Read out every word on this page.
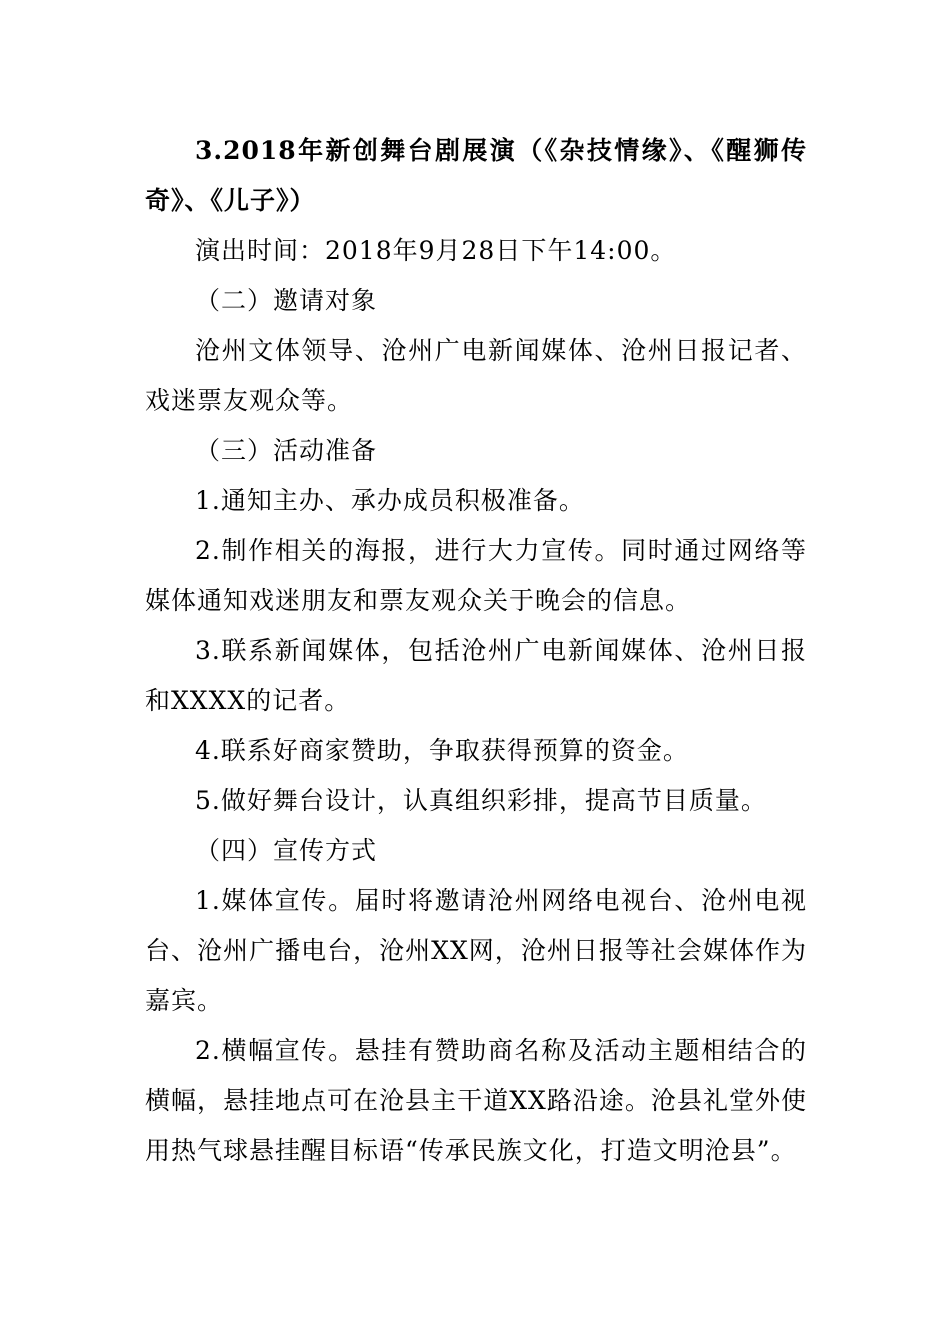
3.2018年新创舞台剧展演（《杂技情缘》、《醒狮传奇》、《儿子》）

演出时间：2018年9月28日下午14:00。

（二）邀请对象

沧州文体领导、沧州广电新闻媒体、沧州日报记者、戏迷票友观众等。

（三）活动准备

1.通知主办、承办成员积极准备。

2.制作相关的海报，进行大力宣传。同时通过网络等媒体通知戏迷朋友和票友观众关于晚会的信息。

3.联系新闻媒体，包括沧州广电新闻媒体、沧州日报和XXXX的记者。

4.联系好商家赞助，争取获得预算的资金。

5.做好舞台设计，认真组织彩排，提高节目质量。

（四）宣传方式

1.媒体宣传。届时将邀请沧州网络电视台、沧州电视台、沧州广播电台，沧州XX网，沧州日报等社会媒体作为嘉宾。

2.横幅宣传。悬挂有赞助商名称及活动主题相结合的横幅，悬挂地点可在沧县主干道XX路沿途。沧县礼堂外使用热气球悬挂醒目标语“传承民族文化，打造文明沧县”。
